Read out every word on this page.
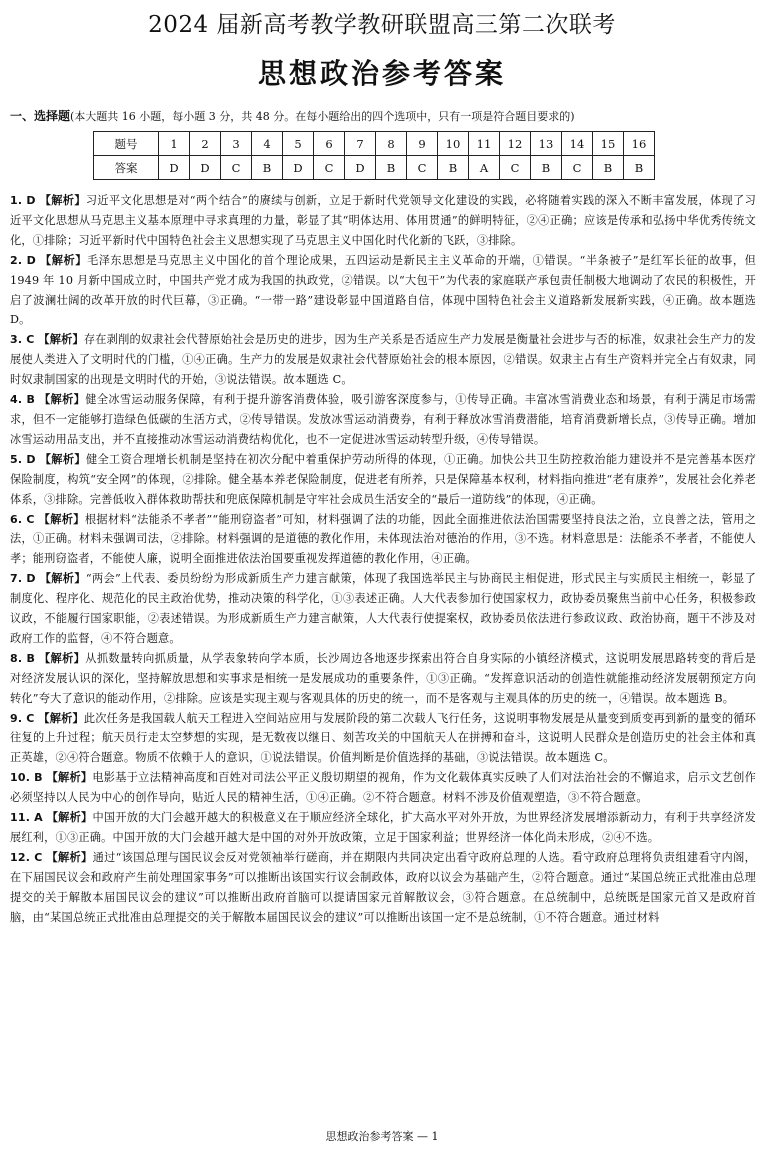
2024 届新高考教学教研联盟高三第二次联考
思想政治参考答案
一、选择题(本大题共 16 小题，每小题 3 分，共 48 分。在每小题给出的四个选项中，只有一项是符合题目要求的)
题号	1	2	3	4	5	6	7	8	9	10	11	12	13	14	15	16
答案	D	D	C	B	D	C	D	B	C	B	A	C	B	C	B	B
1. D 【解析】习近平文化思想是对“两个结合”的赓续与创新，立足于新时代党领导文化建设的实践，必将随着实践的深入不断丰富发展，体现了习近平文化思想从马克思主义基本原理中寻求真理的力量，彰显了其“明体达用、体用贯通”的鲜明特征，②④正确；应该是传承和弘扬中华优秀传统文化，①排除；习近平新时代中国特色社会主义思想实现了马克思主义中国化时代化新的飞跃，③排除。
2. D 【解析】毛泽东思想是马克思主义中国化的首个理论成果，五四运动是新民主主义革命的开端，①错误。“半条被子”是红军长征的故事，但 1949 年 10 月新中国成立时，中国共产党才成为我国的执政党，②错误。以“大包干”为代表的家庭联产承包责任制极大地调动了农民的积极性，开启了波澜壮阔的改革开放的时代巨幕，③正确。“一带一路”建设彰显中国道路自信，体现中国特色社会主义道路新发展新实践，④正确。故本题选 D。
3. C 【解析】存在剥削的奴隶社会代替原始社会是历史的进步，因为生产关系是否适应生产力发展是衡量社会进步与否的标准，奴隶社会生产力的发展使人类进入了文明时代的门槛，①④正确。生产力的发展是奴隶社会代替原始社会的根本原因，②错误。奴隶主占有生产资料并完全占有奴隶，同时奴隶制国家的出现是文明时代的开始，③说法错误。故本题选 C。
4. B 【解析】健全冰雪运动服务保障，有利于提升游客消费体验，吸引游客深度参与，①传导正确。丰富冰雪消费业态和场景，有利于满足市场需求，但不一定能够打造绿色低碳的生活方式，②传导错误。发放冰雪运动消费券，有利于释放冰雪消费潜能，培育消费新增长点，③传导正确。增加冰雪运动用品支出，并不直接推动冰雪运动消费结构优化，也不一定促进冰雪运动转型升级，④传导错误。
5. D 【解析】健全工资合理增长机制是坚持在初次分配中着重保护劳动所得的体现，①正确。加快公共卫生防控救治能力建设并不是完善基本医疗保险制度，构筑“安全网”的体现，②排除。健全基本养老保险制度，促进老有所养，只是保障基本权利，材料指向推进“老有康养”，发展社会化养老体系，③排除。完善低收入群体救助帮扶和兜底保障机制是守牢社会成员生活安全的“最后一道防线”的体现，④正确。
6. C 【解析】根据材料“法能杀不孝者”“能刑窃盗者”可知，材料强调了法的功能，因此全面推进依法治国需要坚持良法之治，立良善之法，管用之法，①正确。材料未强调司法，②排除。材料强调的是道德的教化作用，未体现法治对德治的作用，③不选。材料意思是：法能杀不孝者，不能使人孝；能刑窃盗者，不能使人廉，说明全面推进依法治国要重视发挥道德的教化作用，④正确。
7. D 【解析】“两会”上代表、委员纷纷为形成新质生产力建言献策，体现了我国选举民主与协商民主相促进，形式民主与实质民主相统一，彰显了制度化、程序化、规范化的民主政治优势，推动决策的科学化，①③表述正确。人大代表参加行使国家权力，政协委员聚焦当前中心任务，积极参政议政，不能履行国家职能，②表述错误。为形成新质生产力建言献策，人大代表行使提案权，政协委员依法进行参政议政、政治协商，题干不涉及对政府工作的监督，④不符合题意。
8. B 【解析】从抓数量转向抓质量，从学表象转向学本质，长沙周边各地逐步探索出符合自身实际的小镇经济模式，这说明发展思路转变的背后是对经济发展认识的深化，坚持解放思想和实事求是相统一是发展成功的重要条件，①③正确。“发挥意识活动的创造性就能推动经济发展朝预定方向转化”夸大了意识的能动作用，②排除。应该是实现主观与客观具体的历史的统一，而不是客观与主观具体的历史的统一，④错误。故本题选 B。
9. C 【解析】此次任务是我国载人航天工程进入空间站应用与发展阶段的第二次载人飞行任务，这说明事物发展是从量变到质变再到新的量变的循环往复的上升过程；航天员行走太空梦想的实现，是无数夜以继日、刻苦攻关的中国航天人在拼搏和奋斗，这说明人民群众是创造历史的社会主体和真正英雄，②④符合题意。物质不依赖于人的意识，①说法错误。价值判断是价值选择的基础，③说法错误。故本题选 C。
10. B 【解析】电影基于立法精神高度和百姓对司法公平正义殷切期望的视角，作为文化载体真实反映了人们对法治社会的不懈追求，启示文艺创作必须坚持以人民为中心的创作导向，贴近人民的精神生活，①④正确。②不符合题意。材料不涉及价值观塑造，③不符合题意。
11. A 【解析】中国开放的大门会越开越大的积极意义在于顺应经济全球化，扩大高水平对外开放，为世界经济发展增添新动力，有利于共享经济发展红利，①③正确。中国开放的大门会越开越大是中国的对外开放政策，立足于国家利益；世界经济一体化尚未形成，②④不选。
12. C 【解析】通过“该国总理与国民议会反对党领袖举行磋商，并在期限内共同决定出看守政府总理的人选。看守政府总理将负责组建看守内阁，在下届国民议会和政府产生前处理国家事务”可以推断出该国实行议会制政体，政府以议会为基础产生，②符合题意。通过“某国总统正式批准由总理提交的关于解散本届国民议会的建议”可以推断出政府首脑可以提请国家元首解散议会，③符合题意。在总统制中，总统既是国家元首又是政府首脑，由“某国总统正式批准由总理提交的关于解散本届国民议会的建议”可以推断出该国一定不是总统制，①不符合题意。通过材料
思想政治参考答案 — 1
